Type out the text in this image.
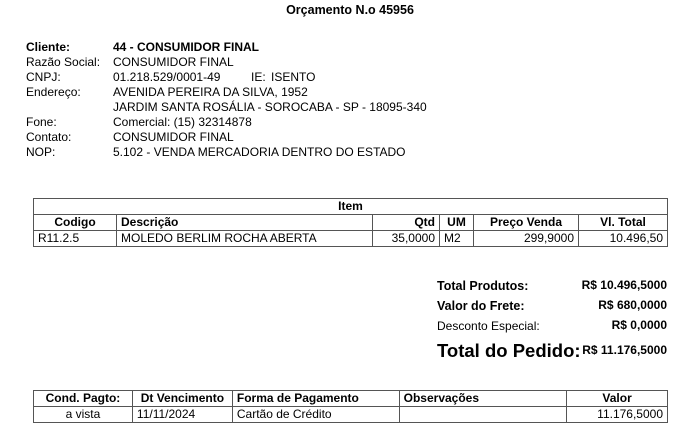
Orçamento N.o 45956
Cliente:	44 - CONSUMIDOR FINAL
Razão Social: CONSUMIDOR FINAL
CNPJ:	01.218.529/0001-49	IE: ISENTO
Endereço:	AVENIDA PEREIRA DA SILVA, 1952
JARDIM SANTA ROSÁLIA - SOROCABA - SP - 18095-340
Fone:	Comercial: (15) 32314878
Contato:	CONSUMIDOR FINAL
NOP:	5.102 - VENDA MERCADORIA DENTRO DO ESTADO
Item					
Codigo	Descrição	Qtd	UM	Preço Venda	Vl. Total
R11.2.5	MOLEDO BERLIM ROCHA ABERTA	35,0000	M2	299,9000	10.496,50
Total Produtos:	R$ 10.496,5000
Valor do Frete:	R$ 680,0000
Desconto Especial:	R$ 0,0000
Total do Pedido: R$ 11.176,5000
Cond. Pagto:	Dt Vencimento	Forma de Pagamento	Observações	Valor
a vista	11/11/2024	Cartão de Crédito		11.176,5000
